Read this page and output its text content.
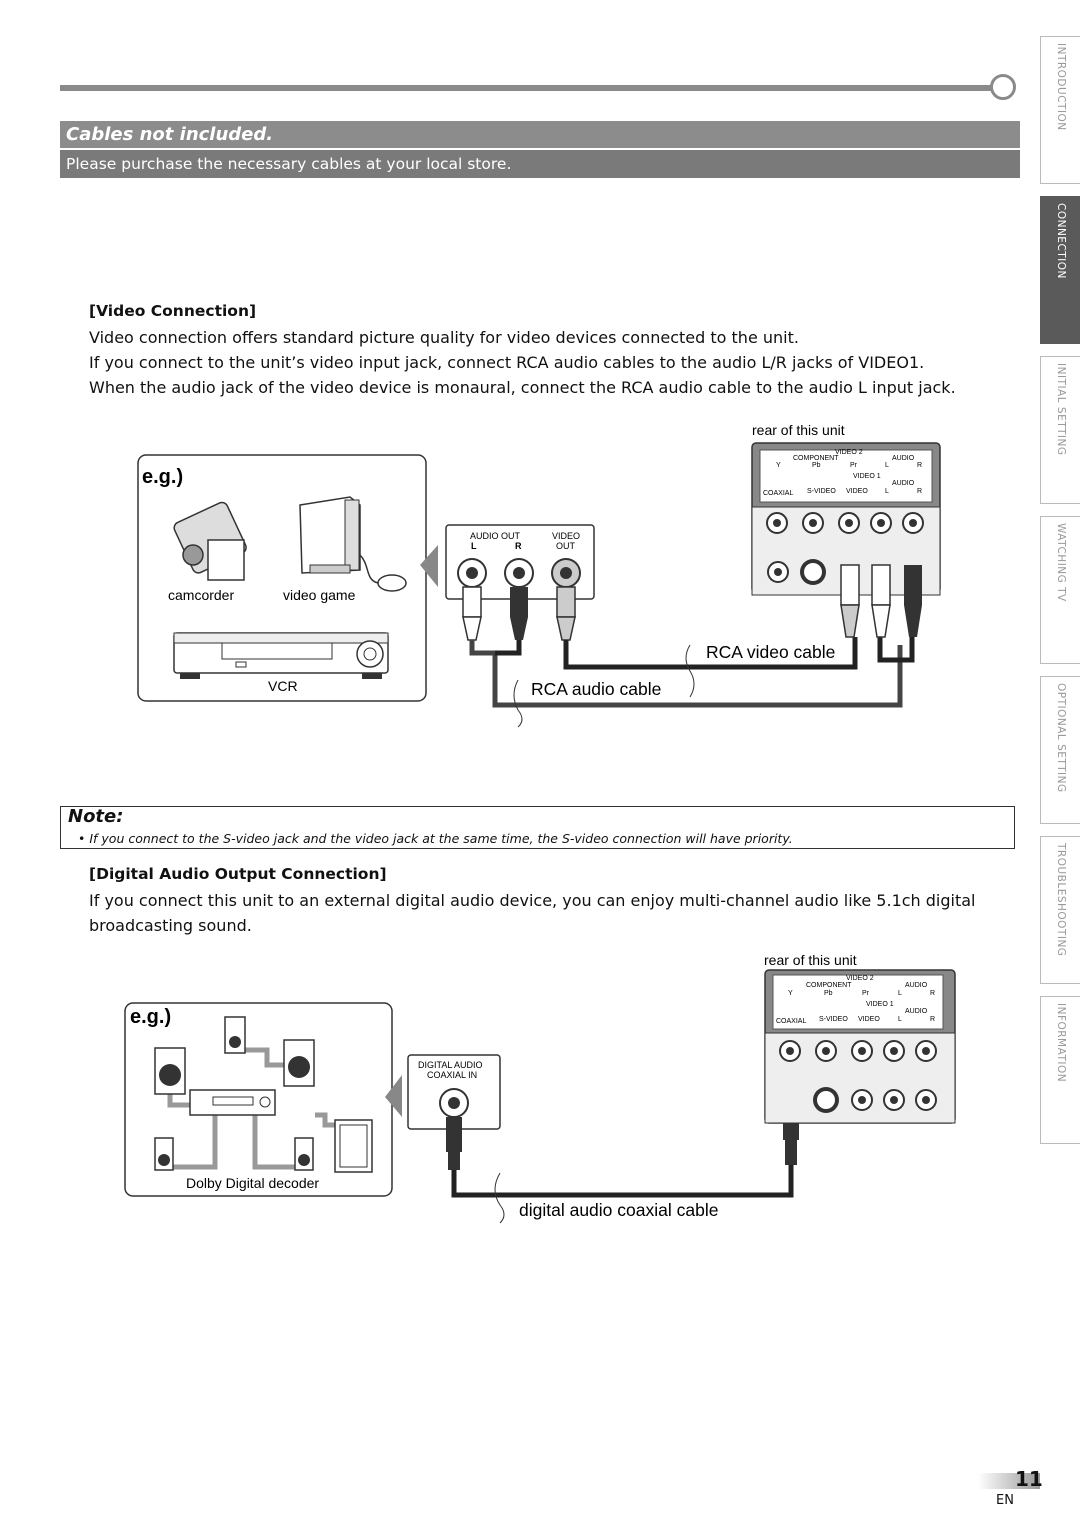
Cables not included.
Please purchase the necessary cables at your local store.
INTRODUCTION
CONNECTION
INITIAL SETTING
WATCHING TV
OPTIONAL SETTING
TROUBLESHOOTING
INFORMATION
[Video Connection]
Video connection offers standard picture quality for video devices connected to the unit.
If you connect to the unit’s video input jack, connect RCA audio cables to the audio L/R jacks of VIDEO1.
When the audio jack of the video device is monaural, connect the RCA audio cable to the audio L input jack.
e.g.)
camcorder	video game
VCR
AUDIO OUT
L	R
VIDEO
OUT
RCA video cable
RCA audio cable
rear of this unit
VIDEO 2
COMPONENT	AUDIO
Y	Pb	Pr	L	R
VIDEO 1
AUDIO
COAXIAL S-VIDEO VIDEO L	R
Note:
• If you connect to the S-video jack and the video jack at the same time, the S-video connection will have priority.
[Digital Audio Output Connection]
If you connect this unit to an external digital audio device, you can enjoy multi-channel audio like 5.1ch digital
broadcasting sound.
e.g.)
Dolby Digital decoder
DIGITAL AUDIO
COAXIAL IN
digital audio coaxial cable
rear of this unit
VIDEO 2
COMPONENT	AUDIO
Y	Pb	Pr	L	R
VIDEO 1
AUDIO
COAXIAL S-VIDEO VIDEO	L	R
11
EN
